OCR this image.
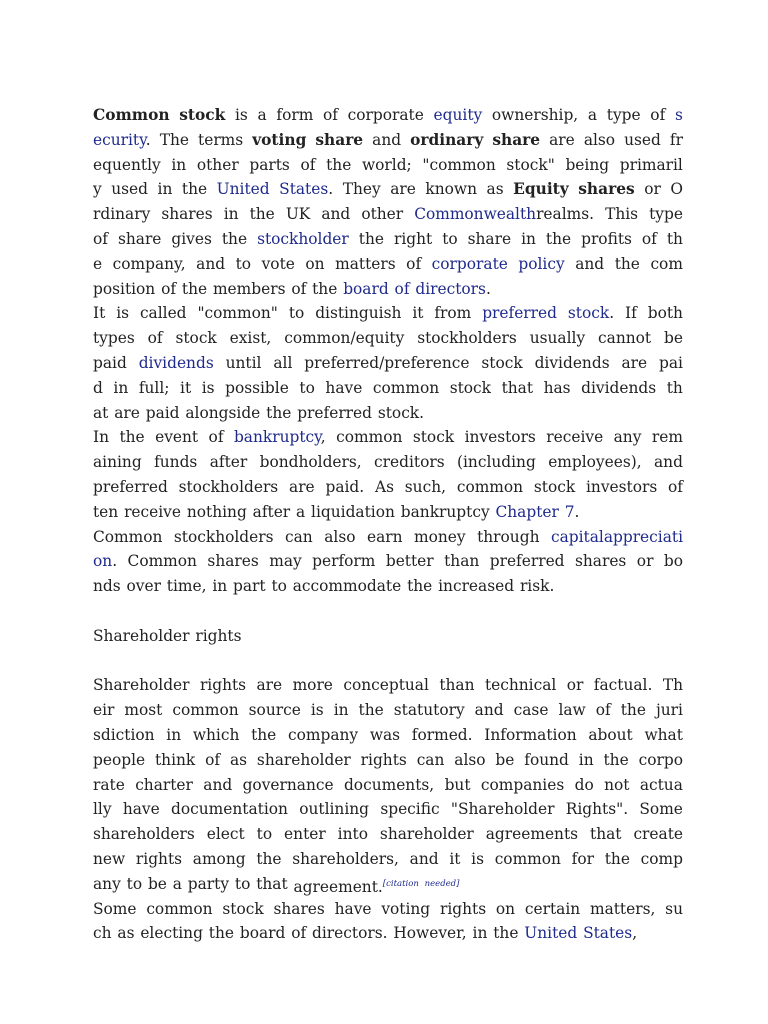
Common stock is a form of corporate equity ownership, a type of s
ecurity. The terms voting share and ordinary share are also used fr
equently in other parts of the world; "common stock" being primaril
y used in the United States. They are known as Equity shares or O
rdinary shares in the UK and other Commonwealthrealms. This type
of share gives the stockholder the right to share in the profits of th
e company, and to vote on matters of corporate policy and the com
position of the members of the board of directors.
It is called "common" to distinguish it from preferred stock. If both
types of stock exist, common/equity stockholders usually cannot be
paid dividends until all preferred/preference stock dividends are pai
d in full; it is possible to have common stock that has dividends th
at are paid alongside the preferred stock.
In the event of bankruptcy, common stock investors receive any rem
aining funds after bondholders, creditors (including employees), and
preferred stockholders are paid. As such, common stock investors of
ten receive nothing after a liquidation bankruptcy Chapter 7.
Common stockholders can also earn money through capitalappreciati
on. Common shares may perform better than preferred shares or bo
nds over time, in part to accommodate the increased risk.
Shareholder rights
Shareholder rights are more conceptual than technical or factual. Th
eir most common source is in the statutory and case law of the juri
sdiction in which the company was formed. Information about what
people think of as shareholder rights can also be found in the corpo
rate charter and governance documents, but companies do not actua
lly have documentation outlining specific "Shareholder Rights". Some
shareholders elect to enter into shareholder agreements that create
new rights among the shareholders, and it is common for the comp
any to be a party to that agreement.$^{[citation}$ $^{needed]}$
Some common stock shares have voting rights on certain matters, su
ch as electing the board of directors. However, in the United States,
